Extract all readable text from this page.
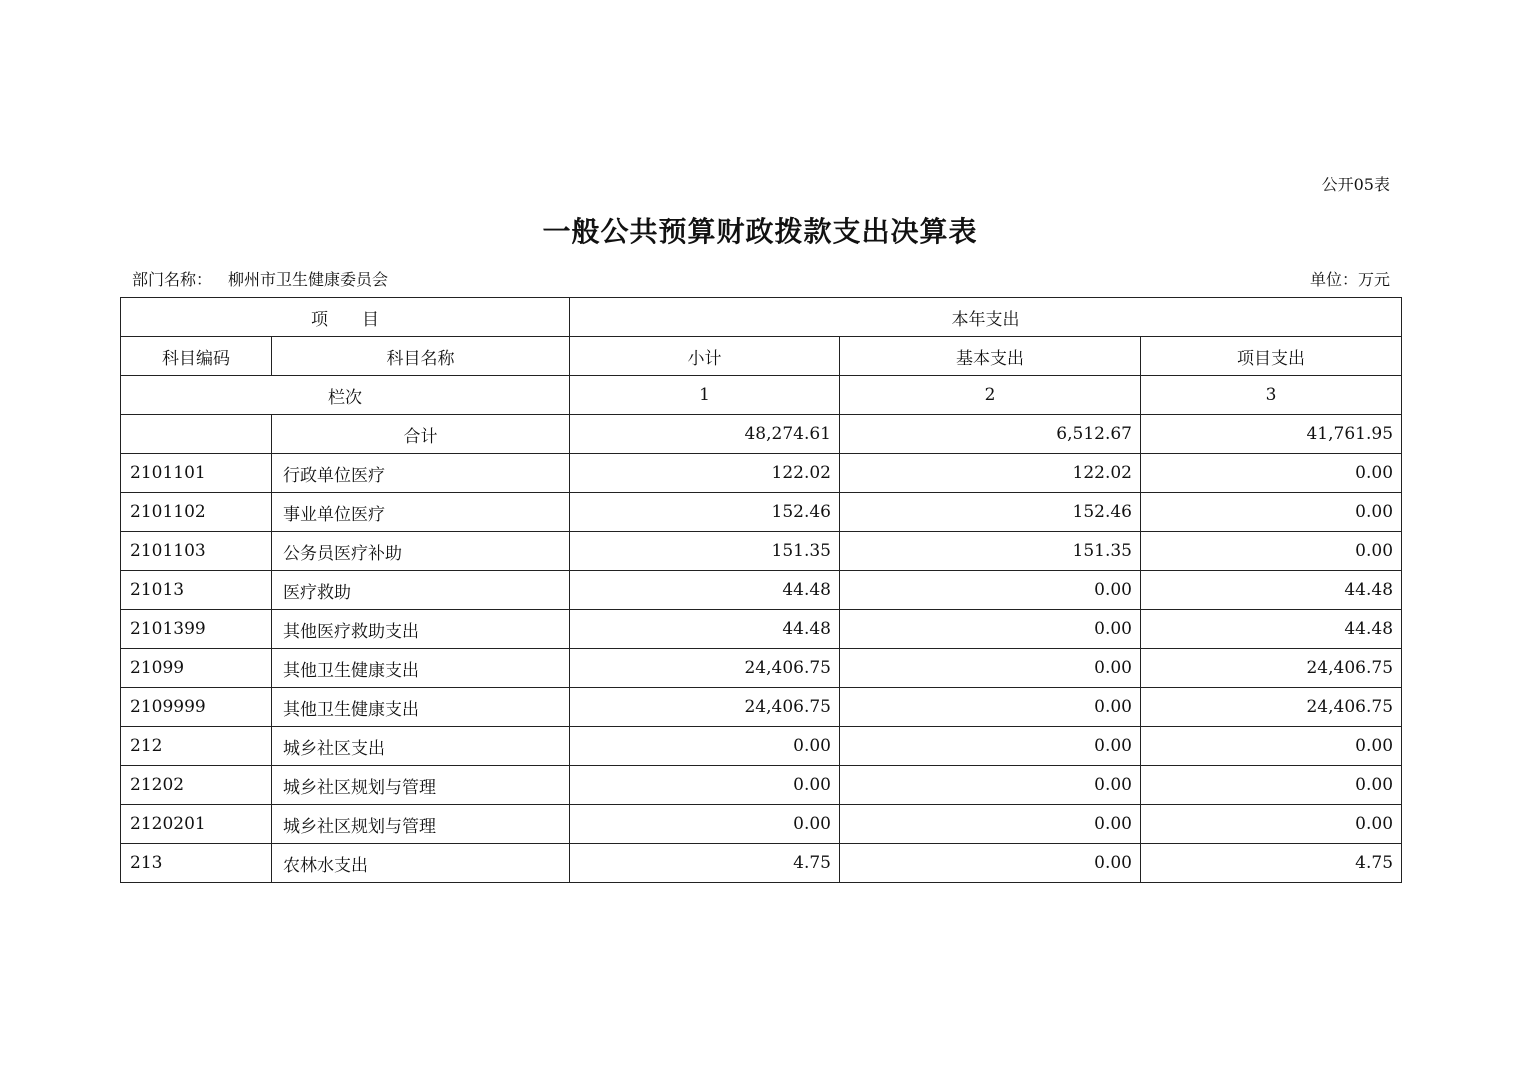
公开05表
一般公共预算财政拨款支出决算表
部门名称： 柳州市卫生健康委员会	单位：万元
项　　目		本年支出		
科目编码	科目名称	小计	基本支出	项目支出
栏次		1	2	3
	合计	48,274.61	6,512.67	41,761.95
2101101	行政单位医疗	122.02	122.02	0.00
2101102	事业单位医疗	152.46	152.46	0.00
2101103	公务员医疗补助	151.35	151.35	0.00
21013	医疗救助	44.48	0.00	44.48
2101399	其他医疗救助支出	44.48	0.00	44.48
21099	其他卫生健康支出	24,406.75	0.00	24,406.75
2109999	其他卫生健康支出	24,406.75	0.00	24,406.75
212	城乡社区支出	0.00	0.00	0.00
21202	城乡社区规划与管理	0.00	0.00	0.00
2120201	城乡社区规划与管理	0.00	0.00	0.00
213	农林水支出	4.75	0.00	4.75
